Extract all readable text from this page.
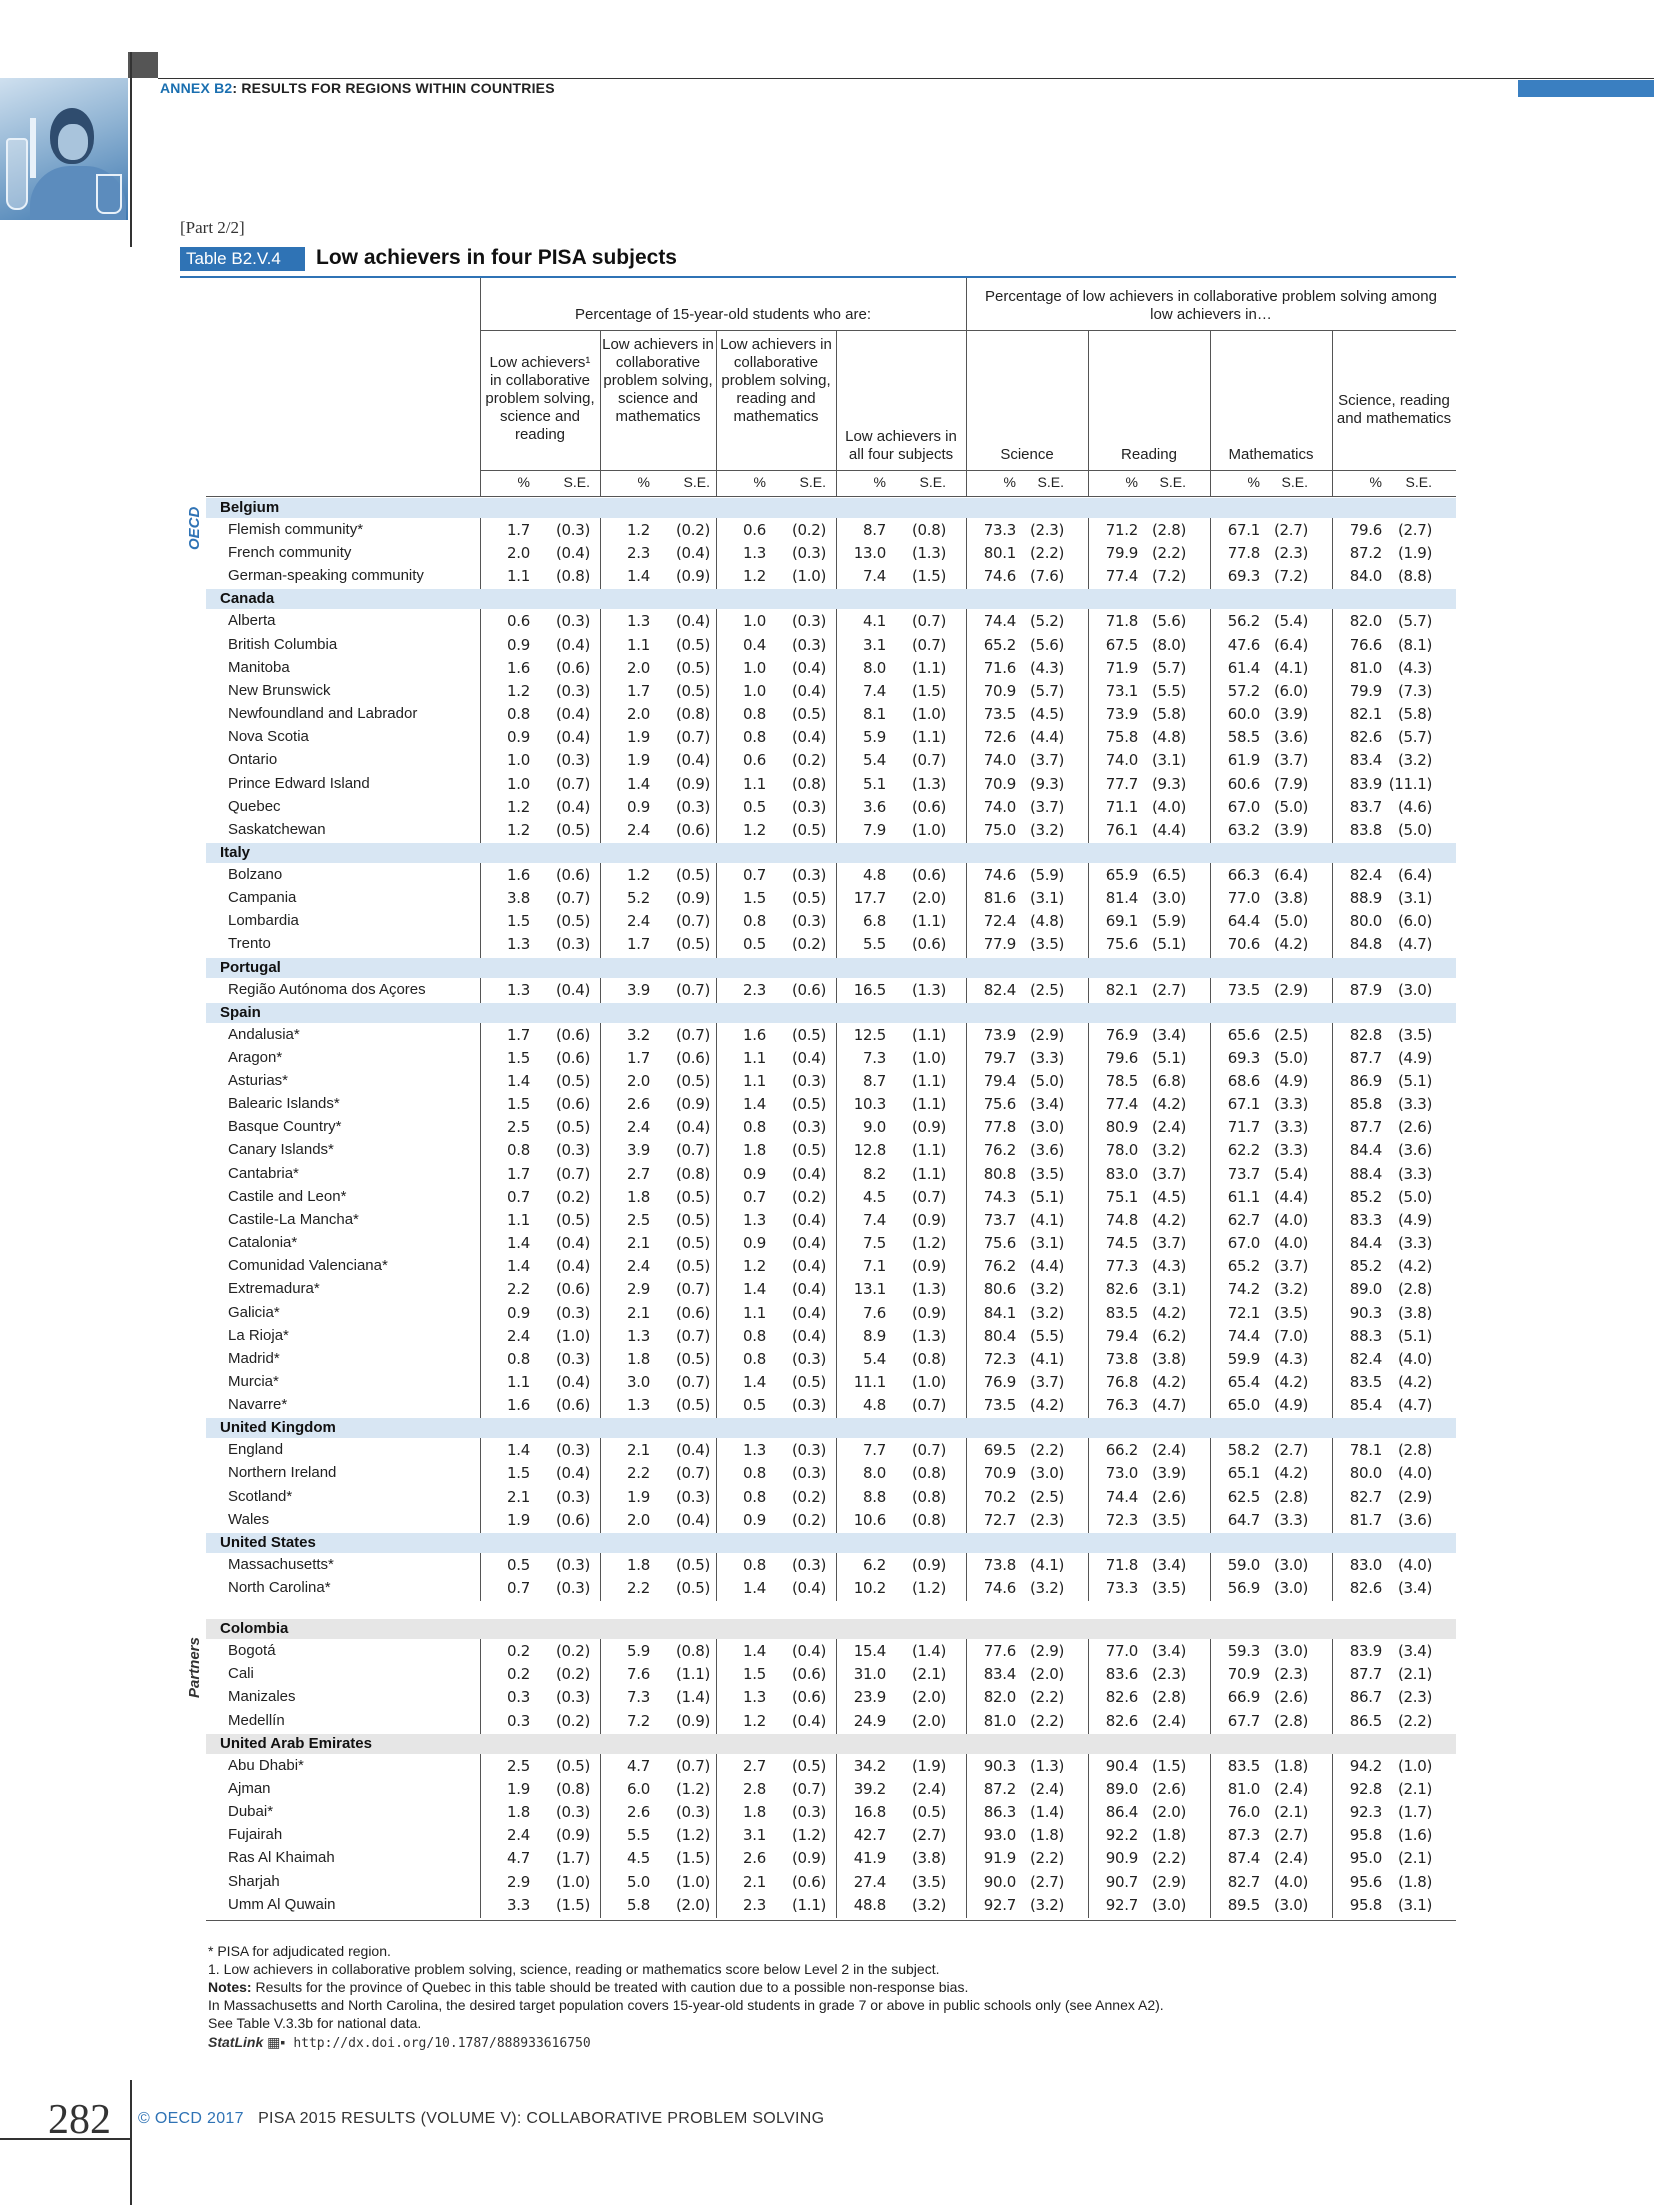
ANNEX B2: RESULTS FOR REGIONS WITHIN COUNTRIES
[Part 2/2]
Table B2.V.4	Low achievers in four PISA subjects
Percentage of 15-year-old students who are:
Percentage of low achievers in collaborative problem solving among low achievers in…
Low achievers¹ in collaborative problem solving, science and reading
Low achievers in collaborative problem solving, science and mathematics
Low achievers in collaborative problem solving, reading and mathematics
Low achievers in all four subjects	Science	Reading	Mathematics
Science, reading and mathematics
%	S.E.	%	S.E.	%	S.E.	%	S.E.	%	S.E.	%	S.E.	%	S.E.	%	S.E.
Belgium
Flemish community*	1.7	(0.3)	1.2	(0.2)	0.6	(0.2)	8.7	(0.8)	73.3 (2.3)	71.2 (2.8)	67.1 (2.7)	79.6	(2.7)
French community	2.0	(0.4)	2.3	(0.4)	1.3	(0.3)	13.0	(1.3)	80.1 (2.2)	79.9 (2.2)	77.8 (2.3)	87.2	(1.9)
German-speaking community	1.1	(0.8)	1.4	(0.9)	1.2	(1.0)	7.4	(1.5)	74.6 (7.6)	77.4 (7.2)	69.3 (7.2)	84.0	(8.8)
Canada
Alberta	0.6	(0.3)	1.3	(0.4)	1.0	(0.3)	4.1	(0.7)	74.4 (5.2)	71.8 (5.6)	56.2 (5.4)	82.0	(5.7)
British Columbia	0.9	(0.4)	1.1	(0.5)	0.4	(0.3)	3.1	(0.7)	65.2 (5.6)	67.5 (8.0)	47.6 (6.4)	76.6	(8.1)
Manitoba	1.6	(0.6)	2.0	(0.5)	1.0	(0.4)	8.0	(1.1)	71.6 (4.3)	71.9 (5.7)	61.4 (4.1)	81.0	(4.3)
New Brunswick	1.2	(0.3)	1.7	(0.5)	1.0	(0.4)	7.4	(1.5)	70.9 (5.7)	73.1 (5.5)	57.2 (6.0)	79.9	(7.3)
Newfoundland and Labrador	0.8	(0.4)	2.0	(0.8)	0.8	(0.5)	8.1	(1.0)	73.5 (4.5)	73.9 (5.8)	60.0 (3.9)	82.1	(5.8)
Nova Scotia	0.9	(0.4)	1.9	(0.7)	0.8	(0.4)	5.9	(1.1)	72.6 (4.4)	75.8 (4.8)	58.5 (3.6)	82.6	(5.7)
Ontario	1.0	(0.3)	1.9	(0.4)	0.6	(0.2)	5.4	(0.7)	74.0 (3.7)	74.0 (3.1)	61.9 (3.7)	83.4	(3.2)
Prince Edward Island	1.0	(0.7)	1.4	(0.9)	1.1	(0.8)	5.1	(1.3)	70.9 (9.3)	77.7 (9.3)	60.6 (7.9)	83.9 (11.1)
Quebec	1.2	(0.4)	0.9	(0.3)	0.5	(0.3)	3.6	(0.6)	74.0 (3.7)	71.1 (4.0)	67.0 (5.0)	83.7	(4.6)
Saskatchewan	1.2	(0.5)	2.4	(0.6)	1.2	(0.5)	7.9	(1.0)	75.0 (3.2)	76.1 (4.4)	63.2 (3.9)	83.8	(5.0)
Italy
Bolzano	1.6	(0.6)	1.2	(0.5)	0.7	(0.3)	4.8	(0.6)	74.6 (5.9)	65.9 (6.5)	66.3 (6.4)	82.4	(6.4)
Campania	3.8	(0.7)	5.2	(0.9)	1.5	(0.5)	17.7	(2.0)	81.6 (3.1)	81.4 (3.0)	77.0 (3.8)	88.9	(3.1)
Lombardia	1.5	(0.5)	2.4	(0.7)	0.8	(0.3)	6.8	(1.1)	72.4 (4.8)	69.1 (5.9)	64.4 (5.0)	80.0	(6.0)
Trento	1.3	(0.3)	1.7	(0.5)	0.5	(0.2)	5.5	(0.6)	77.9 (3.5)	75.6 (5.1)	70.6 (4.2)	84.8	(4.7)
Portugal
Região Autónoma dos Açores	1.3	(0.4)	3.9	(0.7)	2.3	(0.6)	16.5	(1.3)	82.4 (2.5)	82.1 (2.7)	73.5 (2.9)	87.9	(3.0)
Spain
Andalusia*	1.7	(0.6)	3.2	(0.7)	1.6	(0.5)	12.5	(1.1)	73.9 (2.9)	76.9 (3.4)	65.6 (2.5)	82.8	(3.5)
Aragon*	1.5	(0.6)	1.7	(0.6)	1.1	(0.4)	7.3	(1.0)	79.7 (3.3)	79.6 (5.1)	69.3 (5.0)	87.7	(4.9)
Asturias*	1.4	(0.5)	2.0	(0.5)	1.1	(0.3)	8.7	(1.1)	79.4 (5.0)	78.5 (6.8)	68.6 (4.9)	86.9	(5.1)
Balearic Islands*	1.5	(0.6)	2.6	(0.9)	1.4	(0.5)	10.3	(1.1)	75.6 (3.4)	77.4 (4.2)	67.1 (3.3)	85.8	(3.3)
Basque Country*	2.5	(0.5)	2.4	(0.4)	0.8	(0.3)	9.0	(0.9)	77.8 (3.0)	80.9 (2.4)	71.7 (3.3)	87.7	(2.6)
Canary Islands*	0.8	(0.3)	3.9	(0.7)	1.8	(0.5)	12.8	(1.1)	76.2 (3.6)	78.0 (3.2)	62.2 (3.3)	84.4	(3.6)
Cantabria*	1.7	(0.7)	2.7	(0.8)	0.9	(0.4)	8.2	(1.1)	80.8 (3.5)	83.0 (3.7)	73.7 (5.4)	88.4	(3.3)
Castile and Leon*	0.7	(0.2)	1.8	(0.5)	0.7	(0.2)	4.5	(0.7)	74.3 (5.1)	75.1 (4.5)	61.1 (4.4)	85.2	(5.0)
Castile-La Mancha*	1.1	(0.5)	2.5	(0.5)	1.3	(0.4)	7.4	(0.9)	73.7 (4.1)	74.8 (4.2)	62.7 (4.0)	83.3	(4.9)
Catalonia*	1.4	(0.4)	2.1	(0.5)	0.9	(0.4)	7.5	(1.2)	75.6 (3.1)	74.5 (3.7)	67.0 (4.0)	84.4	(3.3)
Comunidad Valenciana*	1.4	(0.4)	2.4	(0.5)	1.2	(0.4)	7.1	(0.9)	76.2 (4.4)	77.3 (4.3)	65.2 (3.7)	85.2	(4.2)
Extremadura*	2.2	(0.6)	2.9	(0.7)	1.4	(0.4)	13.1	(1.3)	80.6 (3.2)	82.6 (3.1)	74.2 (3.2)	89.0	(2.8)
Galicia*	0.9	(0.3)	2.1	(0.6)	1.1	(0.4)	7.6	(0.9)	84.1 (3.2)	83.5 (4.2)	72.1 (3.5)	90.3	(3.8)
La Rioja*	2.4	(1.0)	1.3	(0.7)	0.8	(0.4)	8.9	(1.3)	80.4 (5.5)	79.4 (6.2)	74.4 (7.0)	88.3	(5.1)
Madrid*	0.8	(0.3)	1.8	(0.5)	0.8	(0.3)	5.4	(0.8)	72.3 (4.1)	73.8 (3.8)	59.9 (4.3)	82.4	(4.0)
Murcia*	1.1	(0.4)	3.0	(0.7)	1.4	(0.5)	11.1	(1.0)	76.9 (3.7)	76.8 (4.2)	65.4 (4.2)	83.5	(4.2)
Navarre*	1.6	(0.6)	1.3	(0.5)	0.5	(0.3)	4.8	(0.7)	73.5 (4.2)	76.3 (4.7)	65.0 (4.9)	85.4	(4.7)
United Kingdom
England	1.4	(0.3)	2.1	(0.4)	1.3	(0.3)	7.7	(0.7)	69.5 (2.2)	66.2 (2.4)	58.2 (2.7)	78.1	(2.8)
Northern Ireland	1.5	(0.4)	2.2	(0.7)	0.8	(0.3)	8.0	(0.8)	70.9 (3.0)	73.0 (3.9)	65.1 (4.2)	80.0	(4.0)
Scotland*	2.1	(0.3)	1.9	(0.3)	0.8	(0.2)	8.8	(0.8)	70.2 (2.5)	74.4 (2.6)	62.5 (2.8)	82.7	(2.9)
Wales	1.9	(0.6)	2.0	(0.4)	0.9	(0.2)	10.6	(0.8)	72.7 (2.3)	72.3 (3.5)	64.7 (3.3)	81.7	(3.6)
United States
Massachusetts*	0.5	(0.3)	1.8	(0.5)	0.8	(0.3)	6.2	(0.9)	73.8 (4.1)	71.8 (3.4)	59.0 (3.0)	83.0	(4.0)
North Carolina*	0.7	(0.3)	2.2	(0.5)	1.4	(0.4)	10.2	(1.2)	74.6 (3.2)	73.3 (3.5)	56.9 (3.0)	82.6	(3.4)
Colombia
Bogotá	0.2	(0.2)	5.9	(0.8)	1.4	(0.4)	15.4	(1.4)	77.6 (2.9)	77.0 (3.4)	59.3 (3.0)	83.9	(3.4)
Cali	0.2	(0.2)	7.6	(1.1)	1.5	(0.6)	31.0	(2.1)	83.4 (2.0)	83.6 (2.3)	70.9 (2.3)	87.7	(2.1)
Manizales	0.3	(0.3)	7.3	(1.4)	1.3	(0.6)	23.9	(2.0)	82.0 (2.2)	82.6 (2.8)	66.9 (2.6)	86.7	(2.3)
Medellín	0.3	(0.2)	7.2	(0.9)	1.2	(0.4)	24.9	(2.0)	81.0 (2.2)	82.6 (2.4)	67.7 (2.8)	86.5	(2.2)
United Arab Emirates
Abu Dhabi*	2.5	(0.5)	4.7	(0.7)	2.7	(0.5)	34.2	(1.9)	90.3 (1.3)	90.4 (1.5)	83.5 (1.8)	94.2	(1.0)
Ajman	1.9	(0.8)	6.0	(1.2)	2.8	(0.7)	39.2	(2.4)	87.2 (2.4)	89.0 (2.6)	81.0 (2.4)	92.8	(2.1)
Dubai*	1.8	(0.3)	2.6	(0.3)	1.8	(0.3)	16.8	(0.5)	86.3 (1.4)	86.4 (2.0)	76.0 (2.1)	92.3	(1.7)
Fujairah	2.4	(0.9)	5.5	(1.2)	3.1	(1.2)	42.7	(2.7)	93.0 (1.8)	92.2 (1.8)	87.3 (2.7)	95.8	(1.6)
Ras Al Khaimah	4.7	(1.7)	4.5	(1.5)	2.6	(0.9)	41.9	(3.8)	91.9 (2.2)	90.9 (2.2)	87.4 (2.4)	95.0	(2.1)
Sharjah	2.9	(1.0)	5.0	(1.0)	2.1	(0.6)	27.4	(3.5)	90.0 (2.7)	90.7 (2.9)	82.7 (4.0)	95.6	(1.8)
Umm Al Quwain	3.3	(1.5)	5.8	(2.0)	2.3	(1.1)	48.8	(3.2)	92.7 (3.2)	92.7 (3.0)	89.5 (3.0)	95.8	(3.1)
OECD
Partners
* PISA for adjudicated region.
1. Low achievers in collaborative problem solving, science, reading or mathematics score below Level 2 in the subject.
Notes: Results for the province of Quebec in this table should be treated with caution due to a possible non-response bias.
In Massachusetts and North Carolina, the desired target population covers 15-year-old students in grade 7 or above in public schools only (see Annex A2).
See Table V.3.3b for national data.
StatLink ▦▪ http://dx.doi.org/10.1787/888933616750
282 © OECD 2017 PISA 2015 RESULTS (VOLUME V): COLLABORATIVE PROBLEM SOLVING
